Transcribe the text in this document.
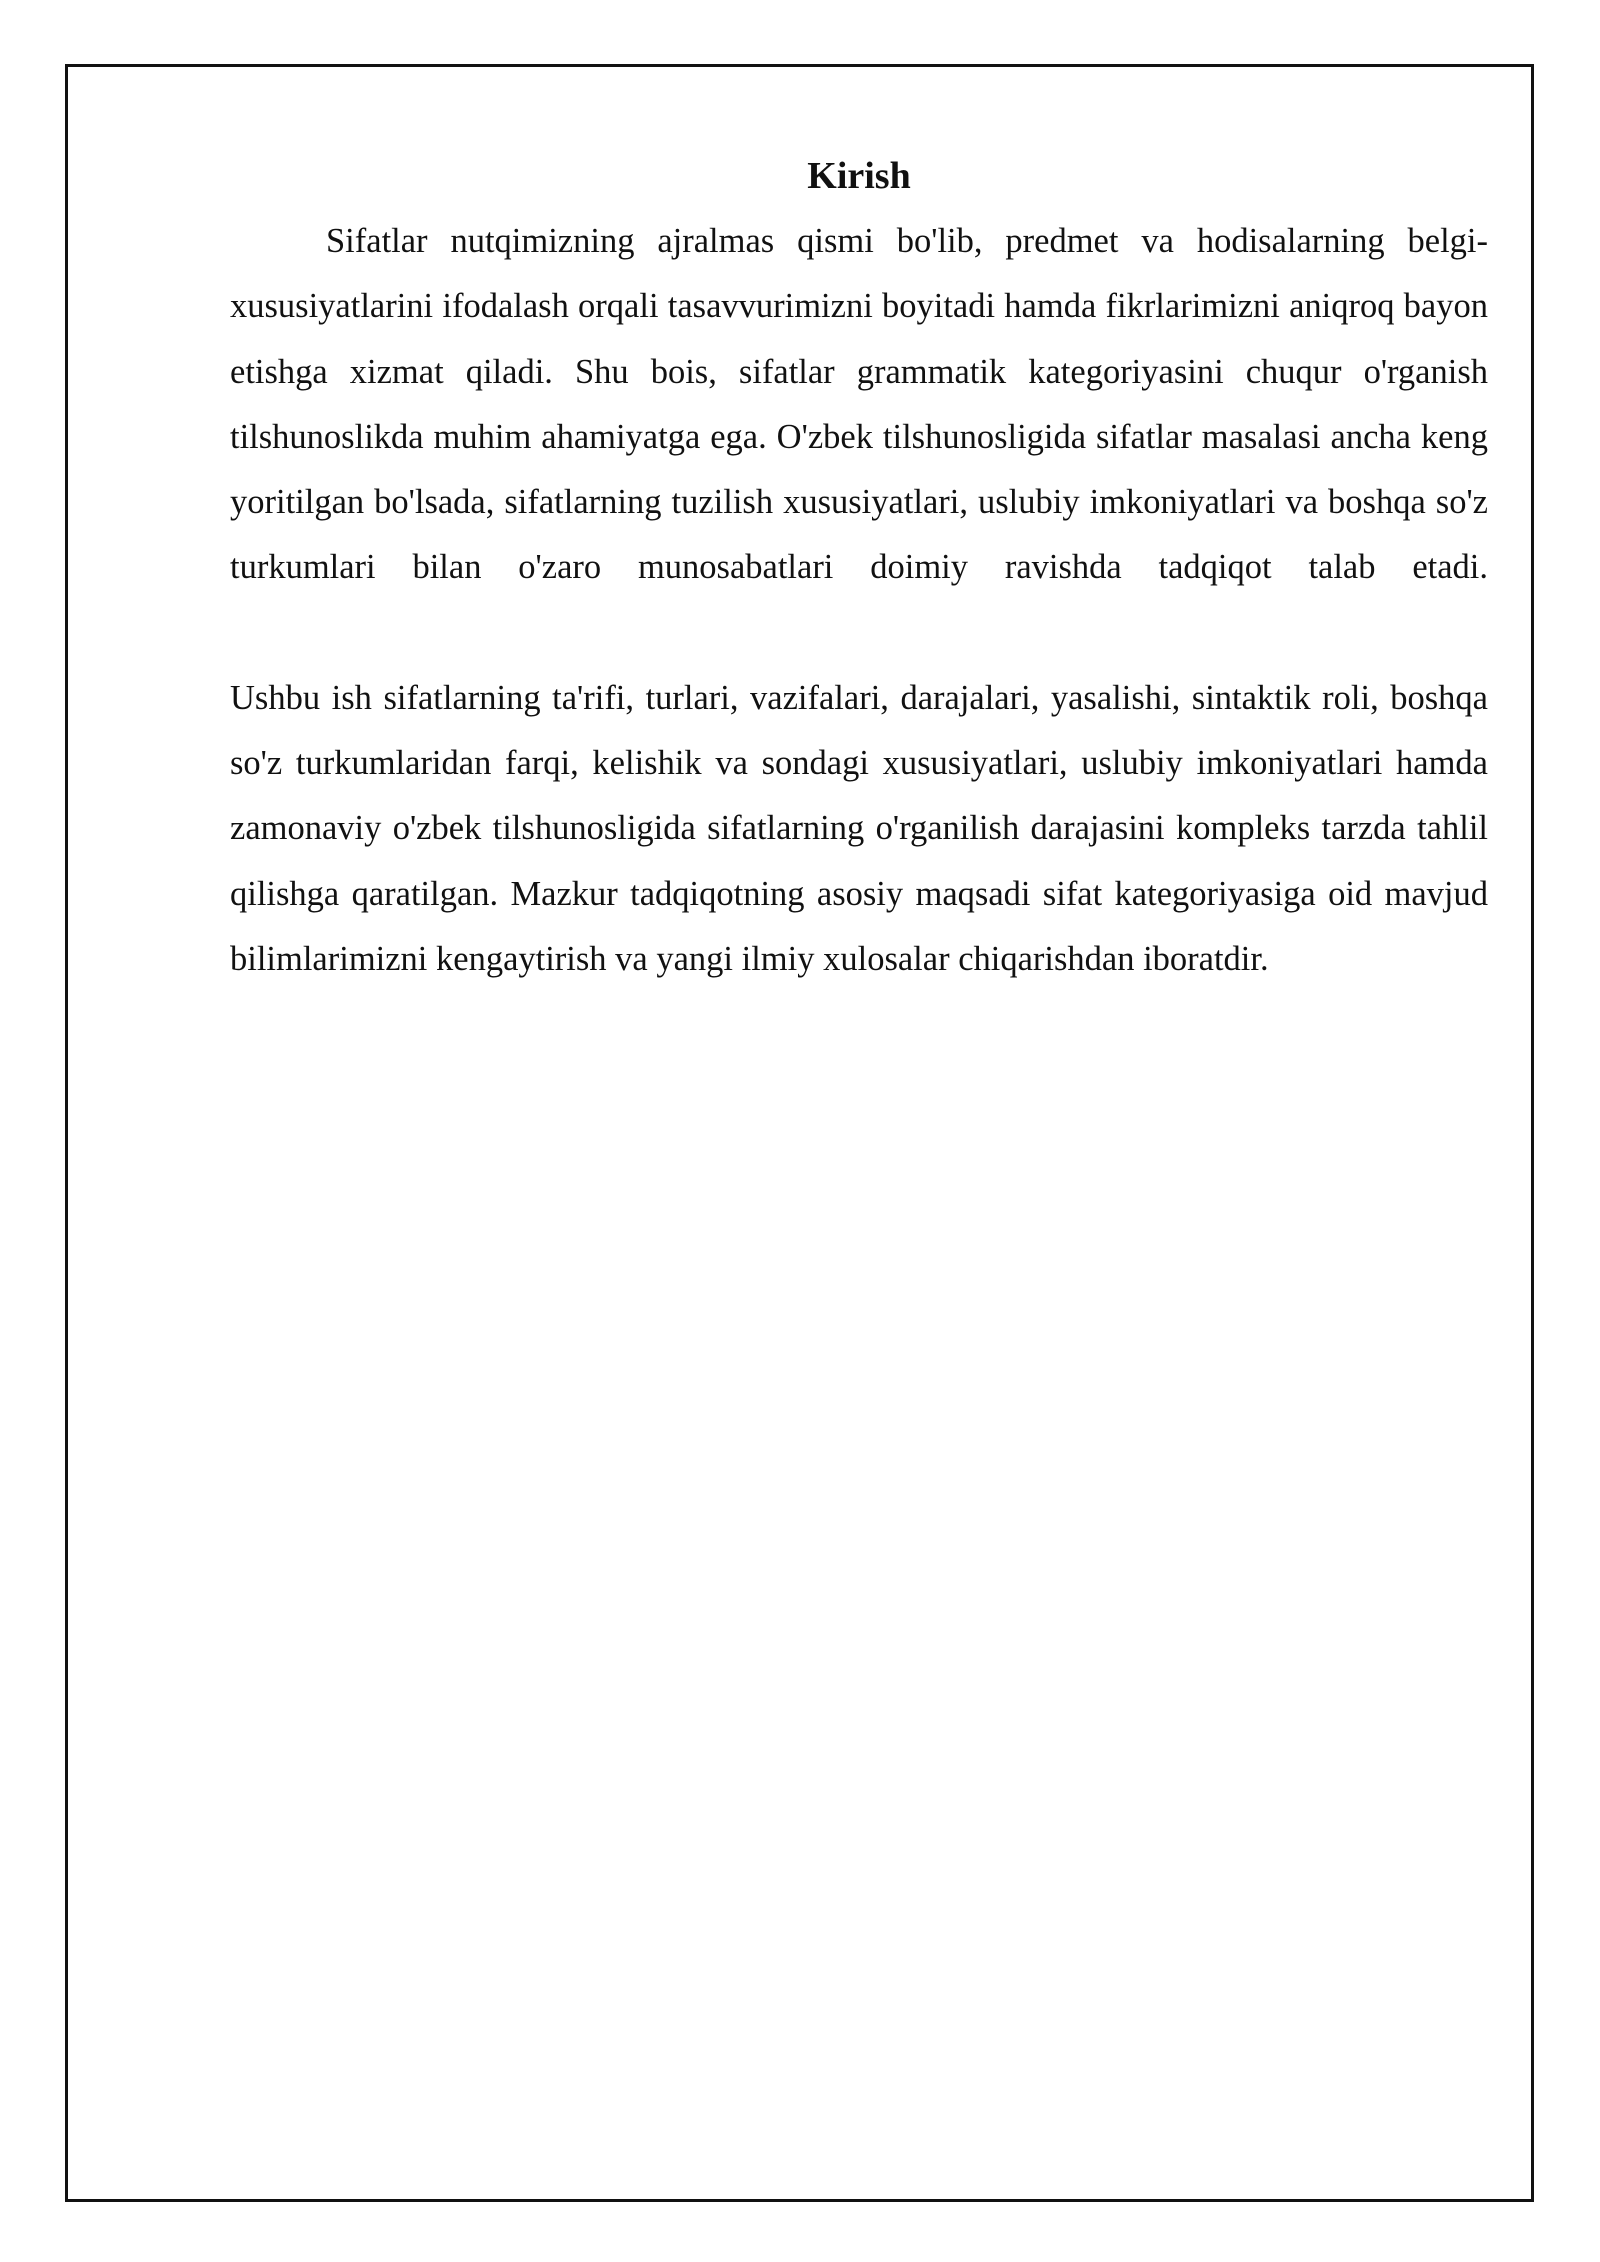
Kirish

Sifatlar nutqimizning ajralmas qismi bo'lib, predmet va hodisalarning belgi-xususiyatlarini ifodalash orqali tasavvurimizni boyitadi hamda fikrlarimizni aniqroq bayon etishga xizmat qiladi. Shu bois, sifatlar grammatik kategoriyasini chuqur o'rganish tilshunoslikda muhim ahamiyatga ega. O'zbek tilshunosligida sifatlar masalasi ancha keng yoritilgan bo'lsada, sifatlarning tuzilish xususiyatlari, uslubiy imkoniyatlari va boshqa so'z turkumlari bilan o'zaro munosabatlari doimiy ravishda tadqiqot talab etadi.

Ushbu ish sifatlarning ta'rifi, turlari, vazifalari, darajalari, yasalishi, sintaktik roli, boshqa so'z turkumlaridan farqi, kelishik va sondagi xususiyatlari, uslubiy imkoniyatlari hamda zamonaviy o'zbek tilshunosligida sifatlarning o'rganilish darajasini kompleks tarzda tahlil qilishga qaratilgan. Mazkur tadqiqotning asosiy maqsadi sifat kategoriyasiga oid mavjud bilimlarimizni kengaytirish va yangi ilmiy xulosalar chiqarishdan iboratdir.
